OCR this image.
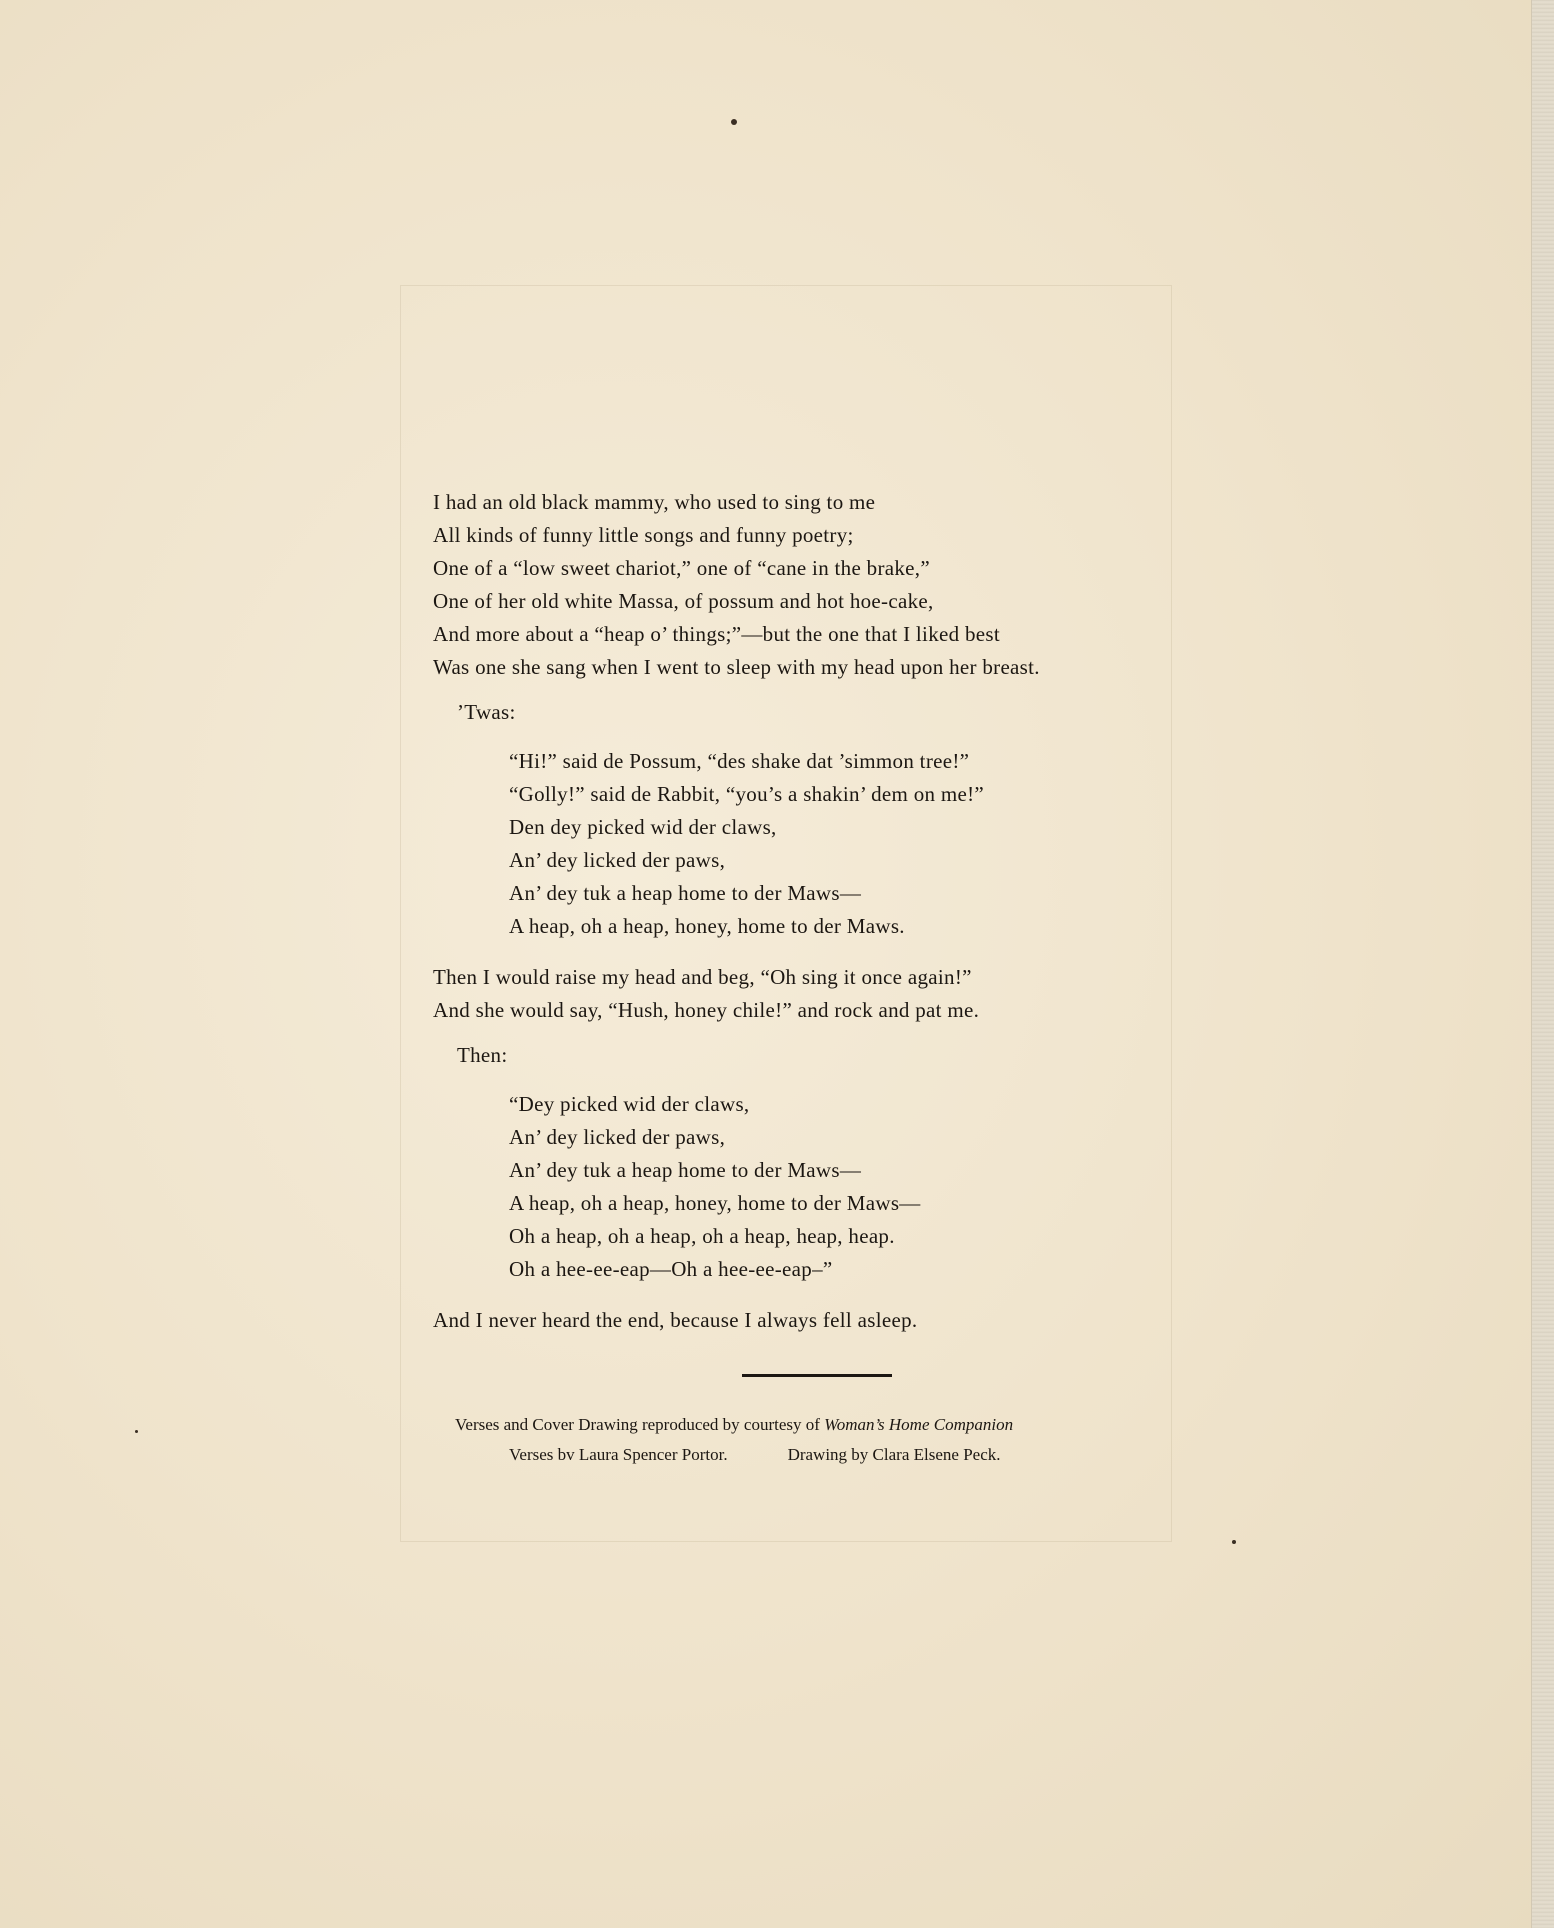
I had an old black mammy, who used to sing to me
All kinds of funny little songs and funny poetry;
One of a “low sweet chariot,” one of “cane in the brake,”
One of her old white Massa, of possum and hot hoe-cake,
And more about a “heap o’ things;”—but the one that I liked best
Was one she sang when I went to sleep with my head upon her breast.
’Twas:
“Hi!” said de Possum, “des shake dat ’simmon tree!”
“Golly!” said de Rabbit, “you’s a shakin’ dem on me!”
Den dey picked wid der claws,
An’ dey licked der paws,
An’ dey tuk a heap home to der Maws—
A heap, oh a heap, honey, home to der Maws.
Then I would raise my head and beg, “Oh sing it once again!”
And she would say, “Hush, honey chile!” and rock and pat me.
Then:
“Dey picked wid der claws,
An’ dey licked der paws,
An’ dey tuk a heap home to der Maws—
A heap, oh a heap, honey, home to der Maws—
Oh a heap, oh a heap, oh a heap, heap, heap.
Oh a hee-ee-eap—Oh a hee-ee-eap–”
And I never heard the end, because I always fell asleep.
Verses and Cover Drawing reproduced by courtesy of Woman’s Home Companion
Verses bv Laura Spencer Portor.	Drawing by Clara Elsene Peck.
